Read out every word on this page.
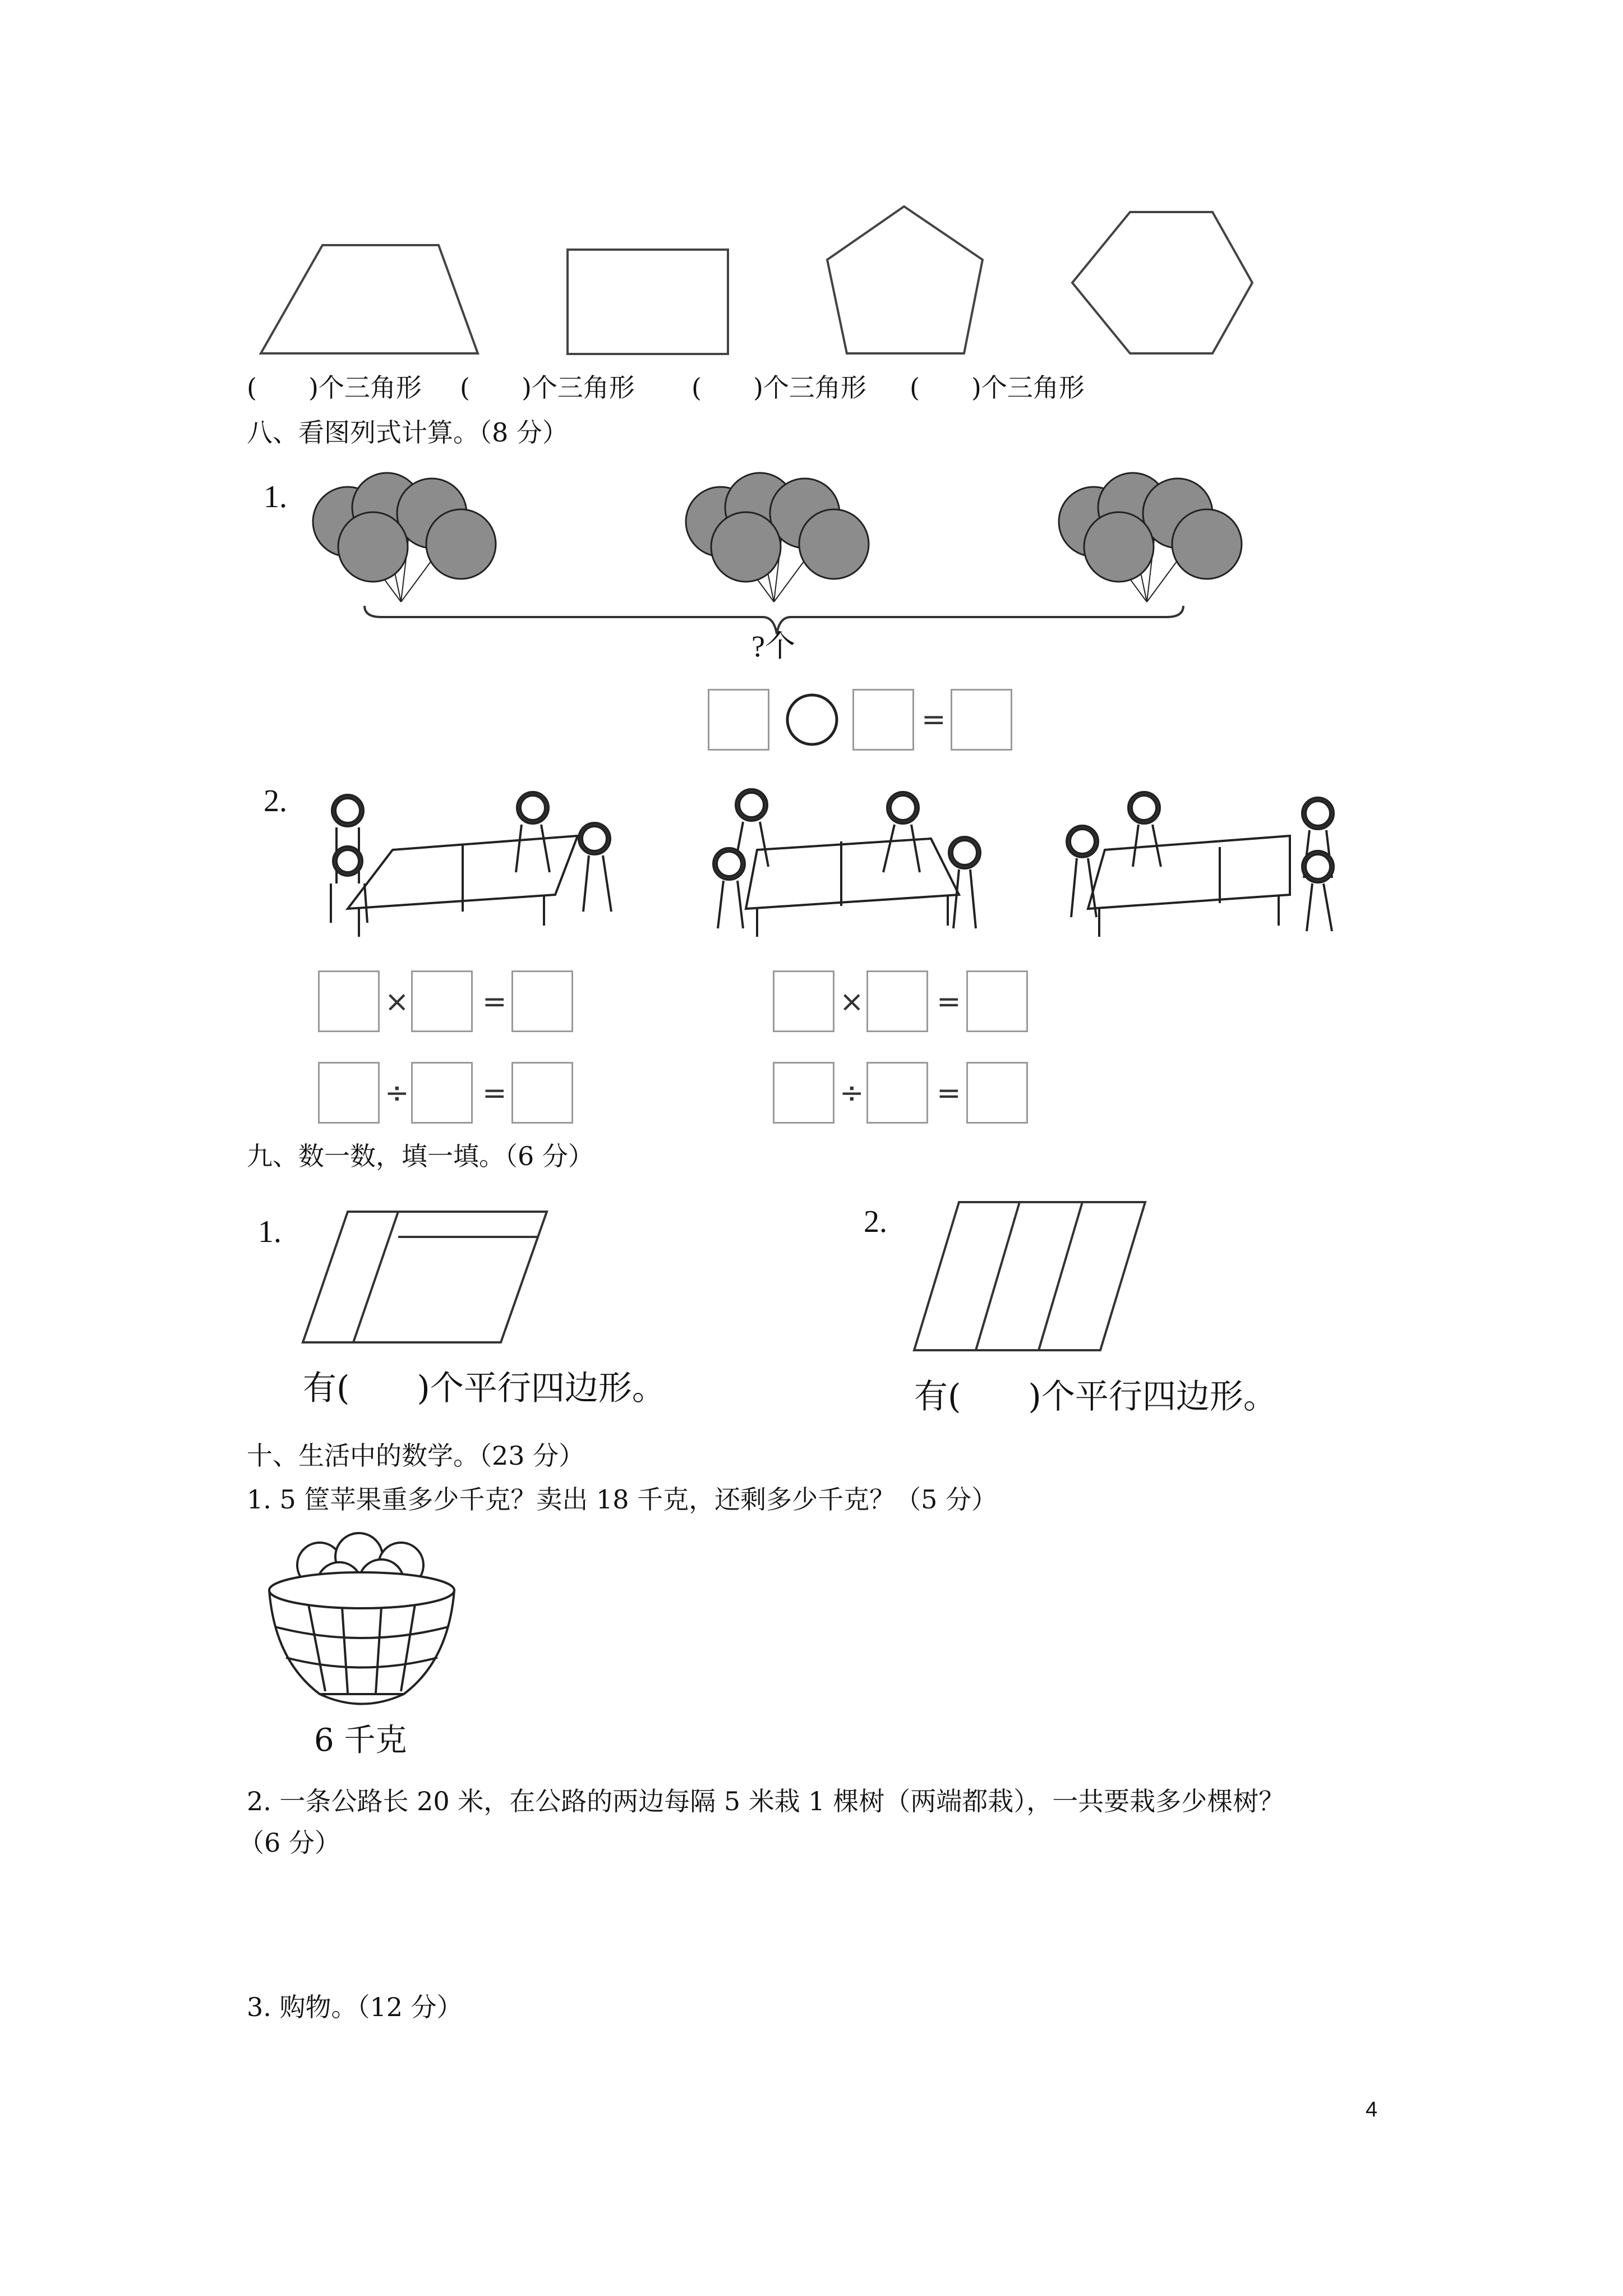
(　　)个三角形 (　　)个三角形 (　　)个三角形 (　　)个三角形
八、看图列式计算。（8 分）
1.
?个
=
2.
×	=
÷	=
× =
÷ =
九、数一数，填一填。（6 分）
1.
有(　　)个平行四边形。
2.
有(　　)个平行四边形。
十、生活中的数学。（23 分）
1. 5 筐苹果重多少千克？卖出 18 千克，还剩多少千克？（5 分）
6 千克
2. 一条公路长 20 米，在公路的两边每隔 5 米栽 1 棵树（两端都栽），一共要栽多少棵树？
（6 分）
3. 购物。（12 分）
4
